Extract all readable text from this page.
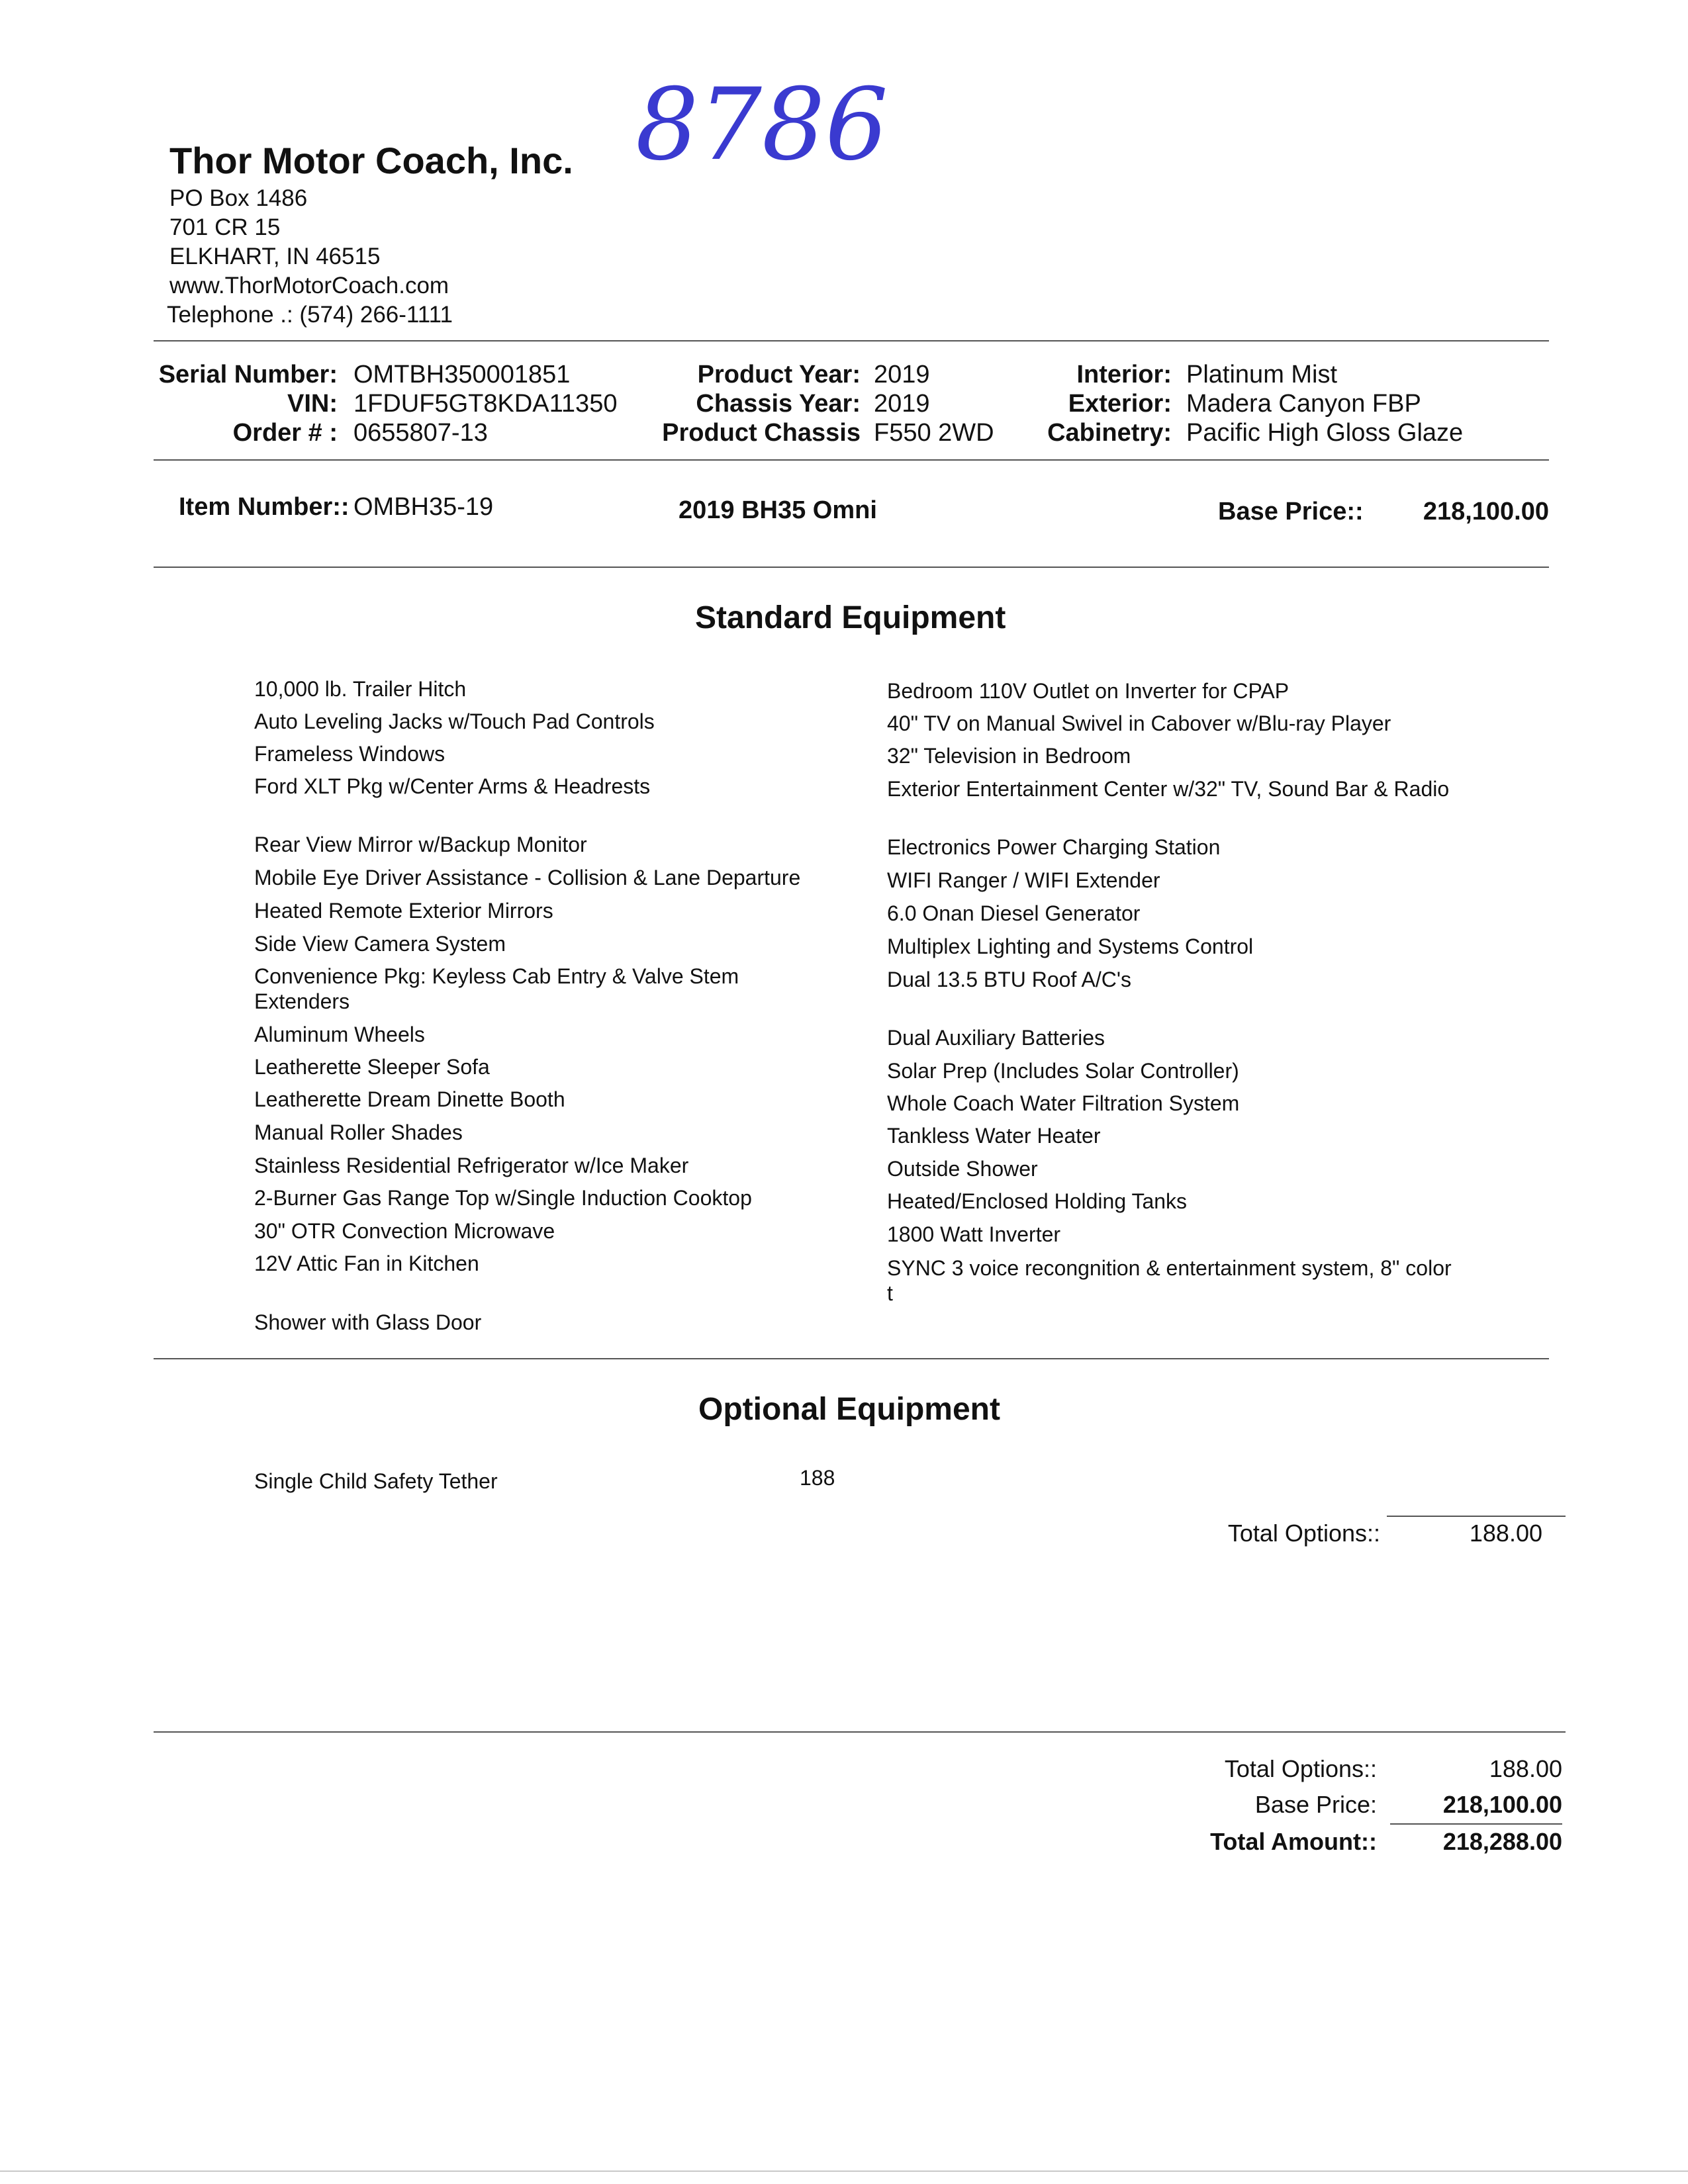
8786
Thor Motor Coach, Inc.
PO Box 1486
701 CR 15
ELKHART, IN 46515
www.ThorMotorCoach.com
Telephone .: (574) 266-1111
Serial Number: OMTBH350001851
VIN: 1FDUF5GT8KDA11350
Order # : 0655807-13
Product Year: 2019
Chassis Year: 2019
Product Chassis F550 2WD
Interior: Platinum Mist
Exterior: Madera Canyon FBP
Cabinetry: Pacific High Gloss Glaze
Item Number:: OMBH35-19	2019 BH35 Omni	Base Price::	218,100.00
Standard Equipment
10,000 lb. Trailer Hitch
Auto Leveling Jacks w/Touch Pad Controls
Frameless Windows
Ford XLT Pkg w/Center Arms & Headrests
Rear View Mirror w/Backup Monitor
Mobile Eye Driver Assistance - Collision & Lane Departure
Heated Remote Exterior Mirrors
Side View Camera System
Convenience Pkg: Keyless Cab Entry & Valve Stem Extenders
Aluminum Wheels
Leatherette Sleeper Sofa
Leatherette Dream Dinette Booth
Manual Roller Shades
Stainless Residential Refrigerator w/Ice Maker
2-Burner Gas Range Top w/Single Induction Cooktop
30" OTR Convection Microwave
12V Attic Fan in Kitchen
Shower with Glass Door
Bedroom 110V Outlet on Inverter for CPAP
40" TV on Manual Swivel in Cabover w/Blu-ray Player
32" Television in Bedroom
Exterior Entertainment Center w/32" TV, Sound Bar & Radio
Electronics Power Charging Station
WIFI Ranger / WIFI Extender
6.0 Onan Diesel Generator
Multiplex Lighting and Systems Control
Dual 13.5 BTU Roof A/C's
Dual Auxiliary Batteries
Solar Prep (Includes Solar Controller)
Whole Coach Water Filtration System
Tankless Water Heater
Outside Shower
Heated/Enclosed Holding Tanks
1800 Watt Inverter
SYNC 3 voice recongnition & entertainment system, 8" color t
Optional Equipment
Single Child Safety Tether	188
Total Options::	188.00
Total Options::	188.00
Base Price:	218,100.00
Total Amount::	218,288.00
